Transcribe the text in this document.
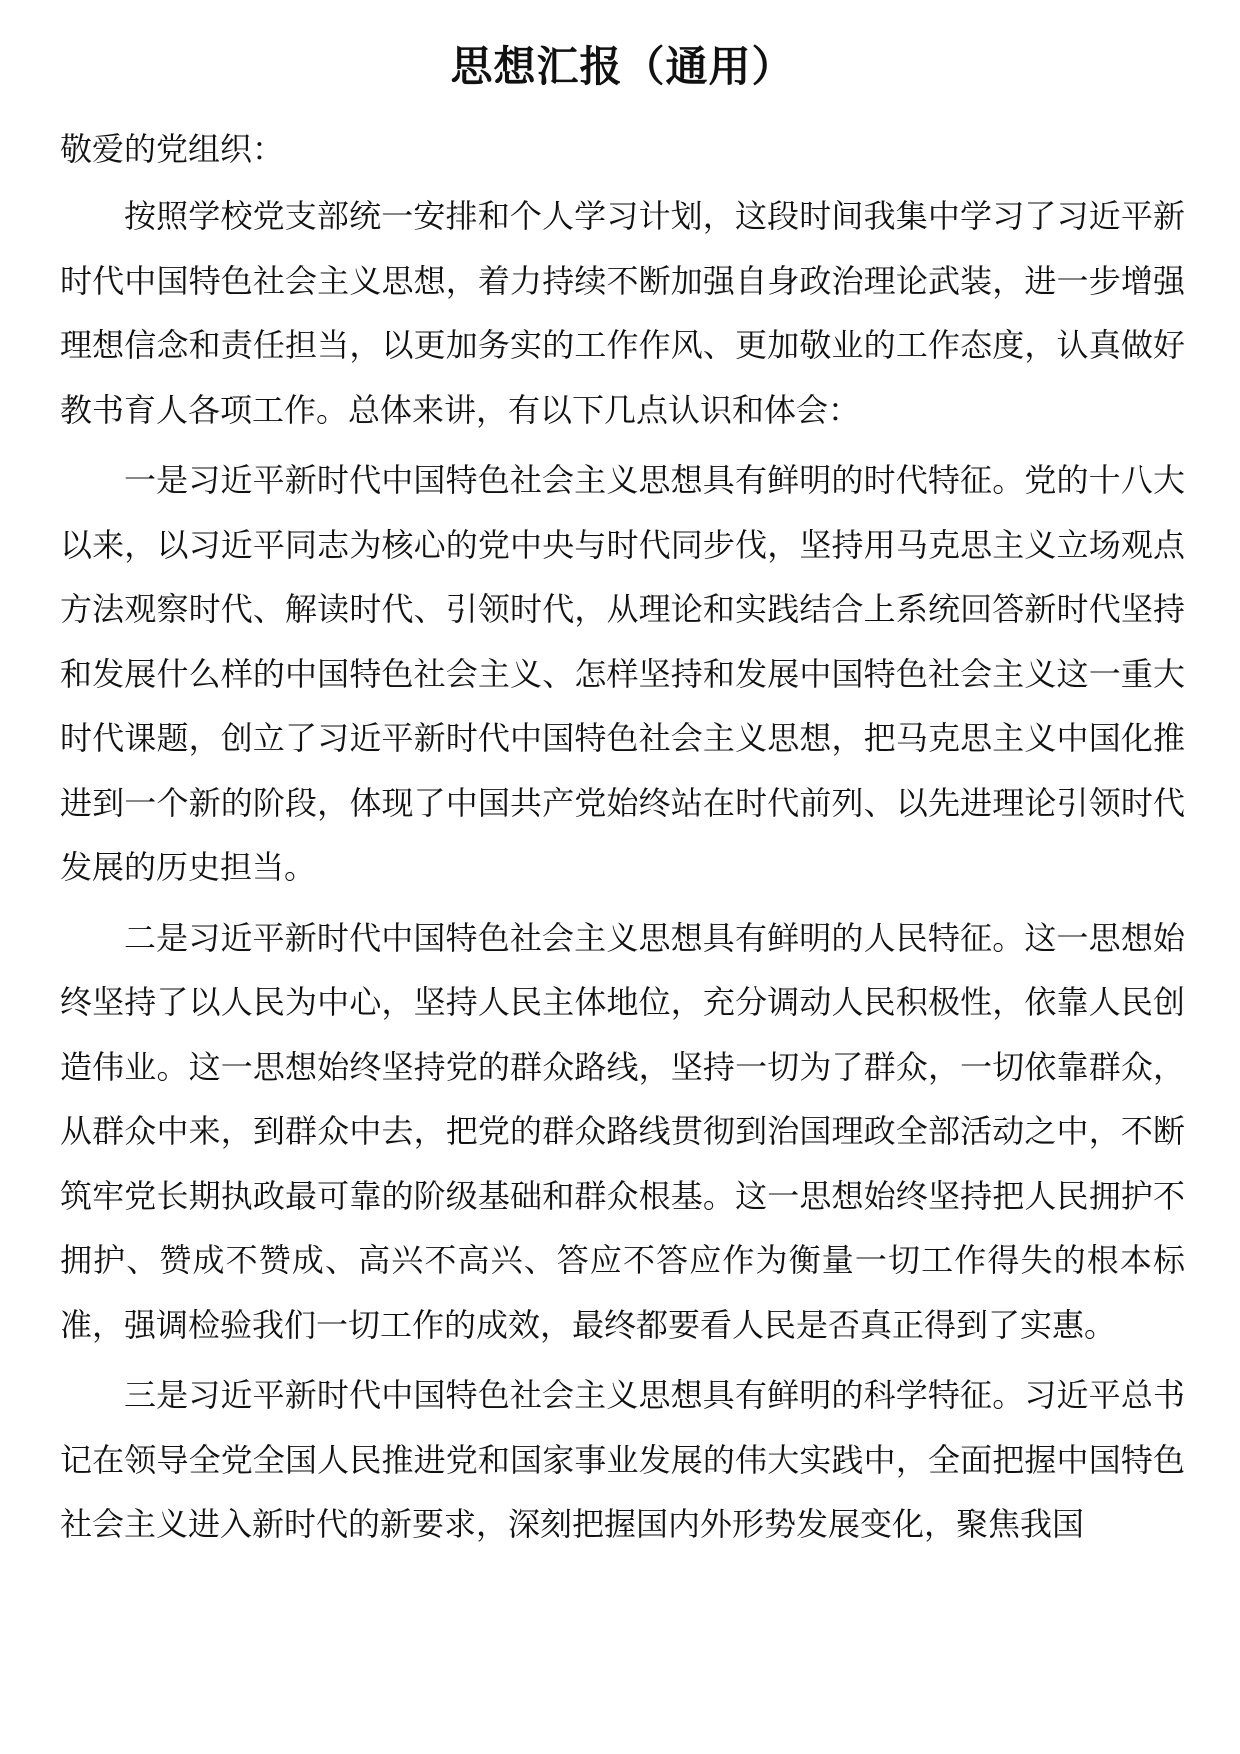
思想汇报（通用）
敬爱的党组织：

按照学校党支部统一安排和个人学习计划，这段时间我集中学习了习近平新时代中国特色社会主义思想，着力持续不断加强自身政治理论武装，进一步增强理想信念和责任担当，以更加务实的工作作风、更加敬业的工作态度，认真做好教书育人各项工作。总体来讲，有以下几点认识和体会：

一是习近平新时代中国特色社会主义思想具有鲜明的时代特征。党的十八大以来，以习近平同志为核心的党中央与时代同步伐，坚持用马克思主义立场观点方法观察时代、解读时代、引领时代，从理论和实践结合上系统回答新时代坚持和发展什么样的中国特色社会主义、怎样坚持和发展中国特色社会主义这一重大时代课题，创立了习近平新时代中国特色社会主义思想，把马克思主义中国化推进到一个新的阶段，体现了中国共产党始终站在时代前列、以先进理论引领时代发展的历史担当。

二是习近平新时代中国特色社会主义思想具有鲜明的人民特征。这一思想始终坚持了以人民为中心，坚持人民主体地位，充分调动人民积极性，依靠人民创造伟业。这一思想始终坚持党的群众路线，坚持一切为了群众，一切依靠群众，从群众中来，到群众中去，把党的群众路线贯彻到治国理政全部活动之中，不断筑牢党长期执政最可靠的阶级基础和群众根基。这一思想始终坚持把人民拥护不拥护、赞成不赞成、高兴不高兴、答应不答应作为衡量一切工作得失的根本标准，强调检验我们一切工作的成效，最终都要看人民是否真正得到了实惠。

三是习近平新时代中国特色社会主义思想具有鲜明的科学特征。习近平总书记在领导全党全国人民推进党和国家事业发展的伟大实践中，全面把握中国特色社会主义进入新时代的新要求，深刻把握国内外形势发展变化，聚焦我国
